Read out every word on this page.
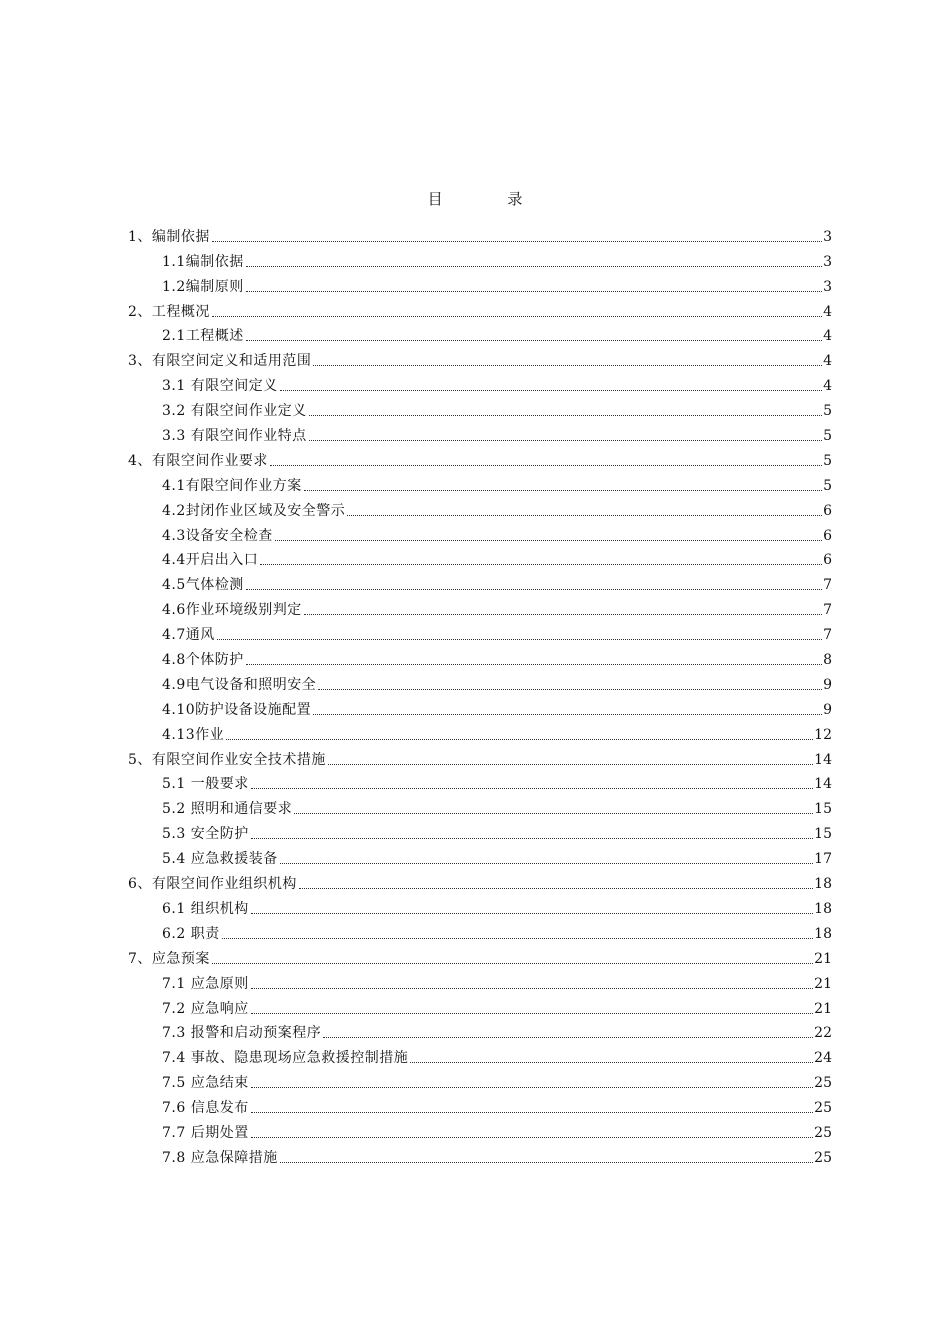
目 录
1、编制依据	3
1.1编制依据	3
1.2编制原则	3
2、工程概况	4
2.1工程概述	4
3、有限空间定义和适用范围	4
3.1 有限空间定义	4
3.2 有限空间作业定义	5
3.3 有限空间作业特点	5
4、有限空间作业要求	5
4.1有限空间作业方案	5
4.2封闭作业区域及安全警示	6
4.3设备安全检查	6
4.4开启出入口	6
4.5气体检测	7
4.6作业环境级别判定	7
4.7通风	7
4.8个体防护	8
4.9电气设备和照明安全	9
4.10防护设备设施配置	9
4.13作业	12
5、有限空间作业安全技术措施	14
5.1 一般要求	14
5.2 照明和通信要求	15
5.3 安全防护	15
5.4 应急救援装备	17
6、有限空间作业组织机构	18
6.1 组织机构	18
6.2 职责	18
7、应急预案	21
7.1 应急原则	21
7.2 应急响应	21
7.3 报警和启动预案程序	22
7.4 事故、隐患现场应急救援控制措施	24
7.5 应急结束	25
7.6 信息发布	25
7.7 后期处置	25
7.8 应急保障措施	25
